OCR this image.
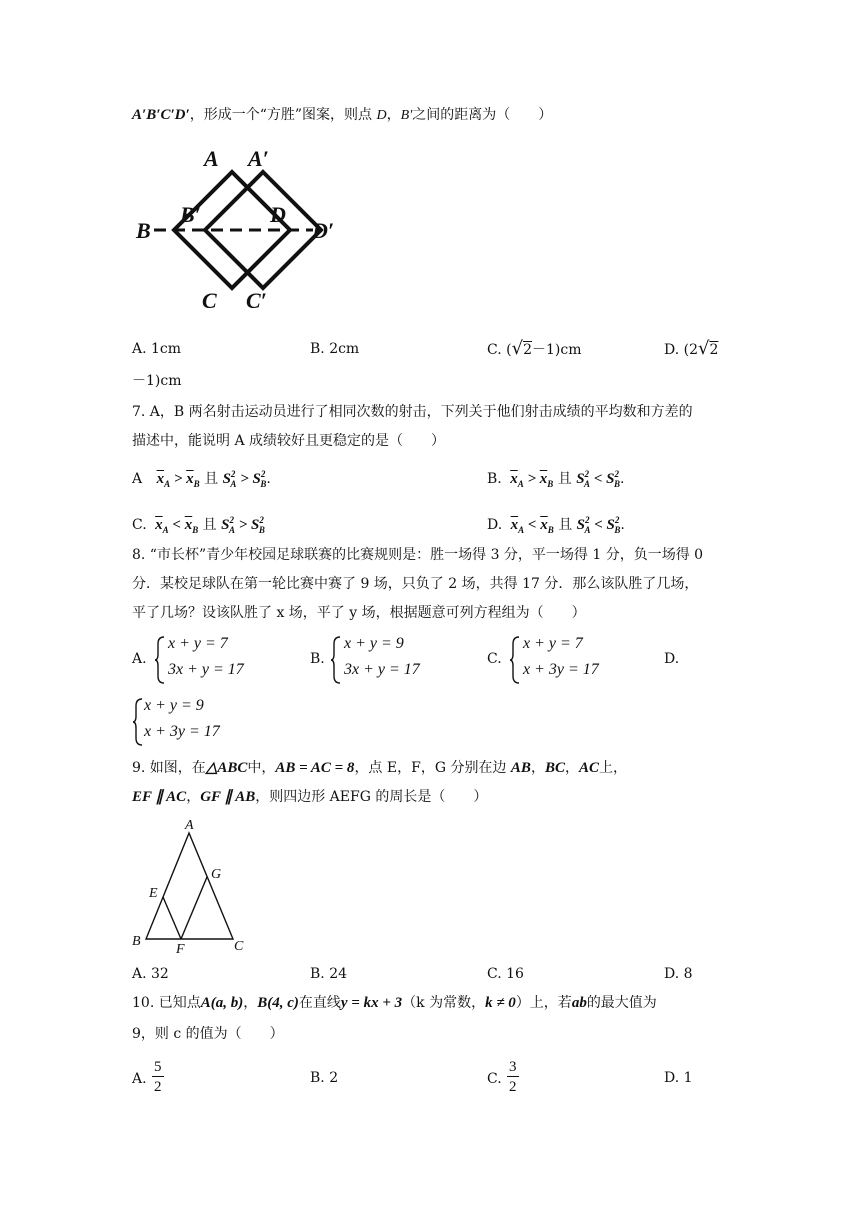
A′B′C′D′，形成一个“方胜”图案，则点 D，B′之间的距离为（　　）
A A′
B
B′	D
D′
C C′
A. 1cm	B. 2cm	C. (√2－1)cm	D. (2√2
－1)cm
7. A，B 两名射击运动员进行了相同次数的射击，下列关于他们射击成绩的平均数和方差的
描述中，能说明 A 成绩较好且更稳定的是（　　）
A $\overline{x}_A > \overline{x}_B$ 且 $S^2_A > S^2_B$.	B. $\overline{x}_A > \overline{x}_B$ 且 $S^2_A < S^2_B$.
C. $\overline{x}_A < \overline{x}_B$ 且 $S^2_A > S^2_B$	D. $\overline{x}_A < \overline{x}_B$ 且 $S^2_A < S^2_B$.
8. “市长杯”青少年校园足球联赛的比赛规则是：胜一场得 3 分，平一场得 1 分，负一场得 0
分．某校足球队在第一轮比赛中赛了 9 场，只负了 2 场，共得 17 分．那么该队胜了几场，
平了几场？设该队胜了 x 场，平了 y 场，根据题意可列方程组为（　　）
A.
x + y = 7
3x + y = 17
B.
x + y = 9
3x + y = 17
C.
x + y = 7
x + 3y = 17
D.
x + y = 9
x + 3y = 17
9. 如图，在△ABC中，AB = AC = 8，点 E，F，G 分别在边 AB，BC，AC上，
EF ∥ AC，GF ∥ AB，则四边形 AEFG 的周长是（　　）
A
B	C
E
F
G
A. 32	B. 24	C. 16	D. 8
10. 已知点A(a, b)，B(4, c)在直线y = kx + 3（k 为常数，k ≠ 0）上，若ab的最大值为
9，则 c 的值为（　　）
A. $\frac{5}{2}$	B. 2	C. $\frac{3}{2}$	D. 1
